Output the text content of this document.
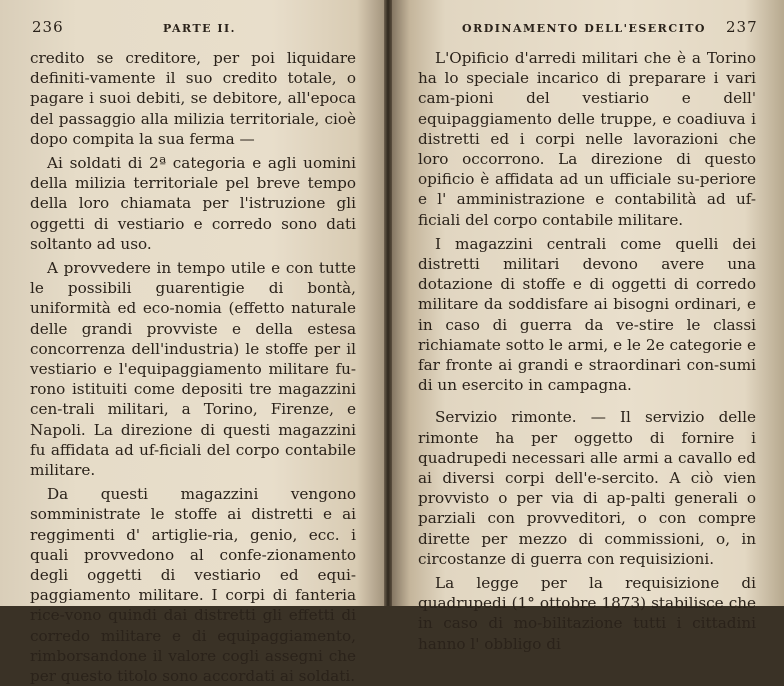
236	PARTE II.

credito se creditore, per poi liquidare definiti-vamente il suo credito totale, o pagare i suoi debiti, se debitore, all'epoca del passaggio alla milizia territoriale, cioè dopo compita la sua ferma —

Ai soldati di 2ª categoria e agli uomini della milizia territoriale pel breve tempo della loro chiamata per l'istruzione gli oggetti di vestiario e corredo sono dati soltanto ad uso.

A provvedere in tempo utile e con tutte le possibili guarentigie di bontà, uniformità ed eco-nomia (effetto naturale delle grandi provviste e della estesa concorrenza dell'industria) le stoffe per il vestiario e l'equipaggiamento militare fu-rono istituiti come depositi tre magazzini cen-trali militari, a Torino, Firenze, e Napoli. La direzione di questi magazzini fu affidata ad uf-ficiali del corpo contabile militare.

Da questi magazzini vengono somministrate le stoffe ai distretti e ai reggimenti d' artiglie-ria, genio, ecc. i quali provvedono al confe-zionamento degli oggetti di vestiario ed equi-paggiamento militare. I corpi di fanteria rice-vono quindi dai distretti gli effetti di corredo militare e di equipaggiamento, rimborsandone il valore cogli assegni che per questo titolo sono accordati ai soldati.

ORDINAMENTO DELL'ESERCITO 237

L'Opificio d'arredi militari che è a Torino ha lo speciale incarico di preparare i vari cam-pioni del vestiario e dell' equipaggiamento delle truppe, e coadiuva i distretti ed i corpi nelle lavorazioni che loro occorrono. La direzione di questo opificio è affidata ad un ufficiale su-periore e l' amministrazione e contabilità ad uf-ficiali del corpo contabile militare.

I magazzini centrali come quelli dei distretti militari devono avere una dotazione di stoffe e di oggetti di corredo militare da soddisfare ai bisogni ordinari, e in caso di guerra da ve-stire le classi richiamate sotto le armi, e le 2e categorie e far fronte ai grandi e straordinari con-sumi di un esercito in campagna.

Servizio rimonte. — Il servizio delle rimonte ha per oggetto di fornire i quadrupedi necessari alle armi a cavallo ed ai diversi corpi dell'e-sercito. A ciò vien provvisto o per via di ap-palti generali o parziali con provveditori, o con compre dirette per mezzo di commissioni, o, in circostanze di guerra con requisizioni.

La legge per la requisizione di quadrupedi (1° ottobre 1873) stabilisce che in caso di mo-bilitazione tutti i cittadini hanno l' obbligo di
